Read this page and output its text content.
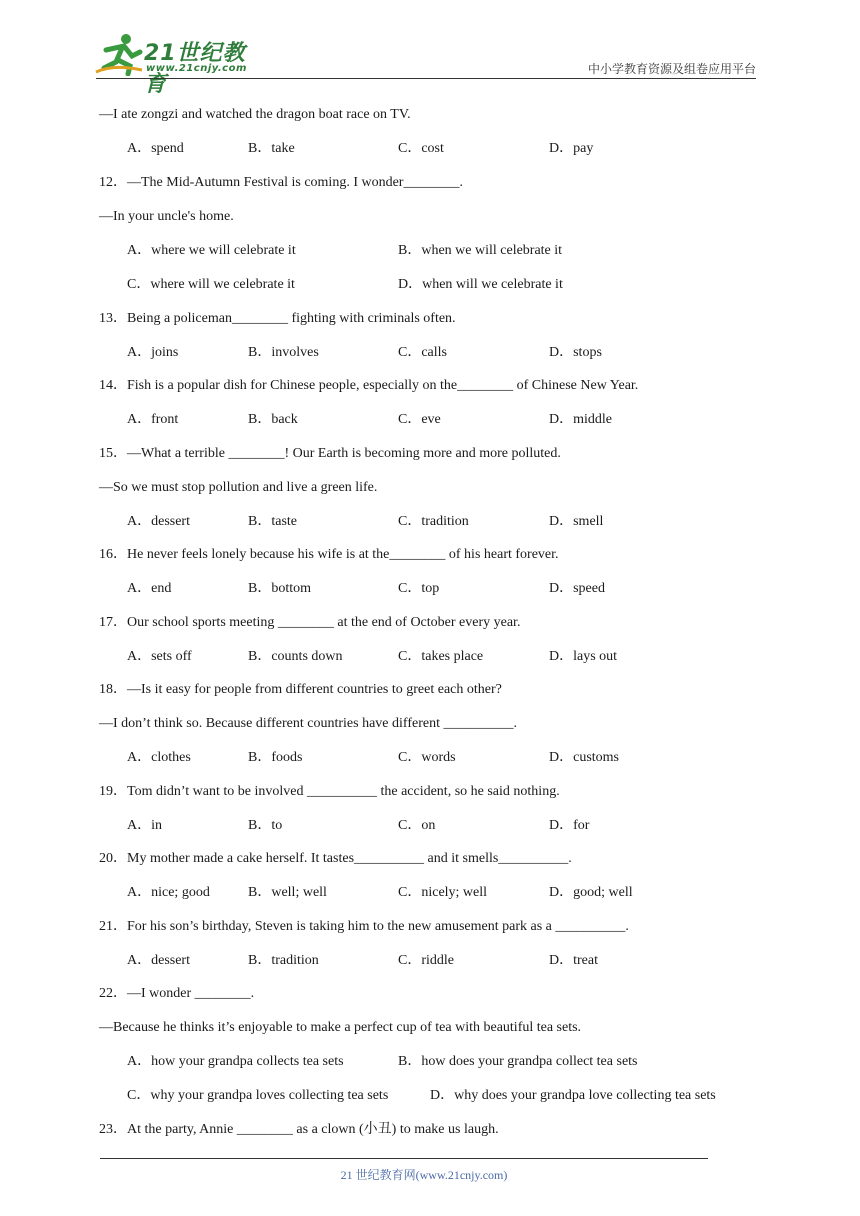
21世纪教育
www.21cnjy.com	中小学教育资源及组卷应用平台
—I ate zongzi and watched the dragon boat race on TV.
A．spend	B．take	C．cost	D．pay
12．—The Mid-Autumn Festival is coming. I wonder________.
—In your uncle's home.
A．where we will celebrate it	B．when we will celebrate it
C．where will we celebrate it	D．when will we celebrate it
13．Being a policeman________ fighting with criminals often.
A．joins	B．involves	C．calls	D．stops
14．Fish is a popular dish for Chinese people, especially on the________ of Chinese New Year.
A．front	B．back	C．eve	D．middle
15．—What a terrible ________! Our Earth is becoming more and more polluted.
—So we must stop pollution and live a green life.
A．dessert	B．taste	C．tradition	D．smell
16．He never feels lonely because his wife is at the________ of his heart forever.
A．end	B．bottom	C．top	D．speed
17．Our school sports meeting ________ at the end of October every year.
A．sets off	B．counts down	C．takes place	D．lays out
18．—Is it easy for people from different countries to greet each other?
—I don’t think so. Because different countries have different __________.
A．clothes	B．foods	C．words	D．customs
19．Tom didn’t want to be involved __________ the accident, so he said nothing.
A．in	B．to	C．on	D．for
20．My mother made a cake herself. It tastes__________ and it smells__________.
A．nice; good	B．well; well	C．nicely; well	D．good; well
21．For his son’s birthday, Steven is taking him to the new amusement park as a __________.
A．dessert	B．tradition	C．riddle	D．treat
22．—I wonder ________.
—Because he thinks it’s enjoyable to make a perfect cup of tea with beautiful tea sets.
A．how your grandpa collects tea sets	B．how does your grandpa collect tea sets
C．why your grandpa loves collecting tea sets	D．why does your grandpa love collecting tea sets
23．At the party, Annie ________ as a clown (小丑) to make us laugh.
21 世纪教育网(www.21cnjy.com)
